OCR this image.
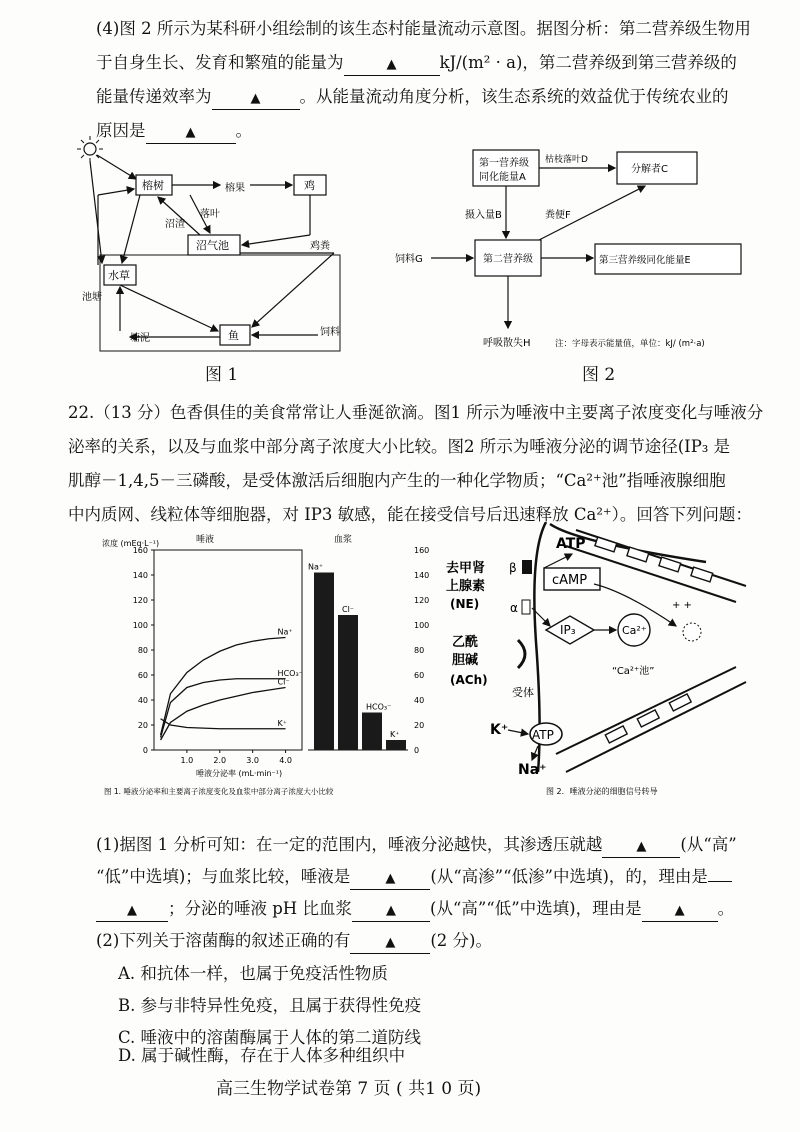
(4)图 2 所示为某科研小组绘制的该生态村能量流动示意图。据图分析：第二营养级生物用
于自身生长、发育和繁殖的能量为	▲	kJ/(m² · a)，第二营养级到第三营养级的
能量传递效率为	▲ 。从能量流动角度分析，该生态系统的效益优于传统农业的
原因是	▲ 。
池塘
榕树	榕果	鸡
落叶
沼渣
沼气池	鸡粪
水草
塘泥	鱼	饲料
图 1
第一营养级
同化能量A
分解者C
枯枝落叶D
摄入量B	粪便F
第二营养级
饲料G	第三营养级同化能量E
呼吸散失H	注：字母表示能量值，单位：kJ/ (m²·a)
图 2
22.（13 分）色香俱佳的美食常常让人垂涎欲滴。图1 所示为唾液中主要离子浓度变化与唾液分
泌率的关系，以及与血浆中部分离子浓度大小比较。图2 所示为唾液分泌的调节途径(IP₃ 是
肌醇－1,4,5－三磷酸，是受体激活后细胞内产生的一种化学物质；“Ca²⁺池”指唾液腺细胞
中内质网、线粒体等细胞器，对 IP3 敏感，能在接受信号后迅速释放 Ca²⁺）。回答下列问题：
浓度 (mEq·L⁻¹)	唾液	血浆
唾液分泌率 (mL·min⁻¹)
0	0
20	20
40	40
60	60
80	80
100	100
120	120
140	140
160	160
1.0	2.0	3.0	4.0
Na⁺
HCO₃⁻
Cl⁻
K⁺
Na⁺
Cl⁻
HCO₃⁻
K⁺
图 1. 唾液分泌率和主要离子浓度变化及血浆中部分离子浓度大小比较
ATP
cAMP
去甲肾
上腺素
(NE)
β
α
乙酰
胆碱
(ACh)
受体
IP₃	Ca²⁺
“Ca²⁺池”
+ +
ATP
K⁺
Na⁺
图 2．唾液分泌的细胞信号转导
(1)据图 1 分析可知：在一定的范围内，唾液分泌越快，其渗透压就越	▲ (从“高”
“低”中选填)；与血浆比较，唾液是	▲ (从“高渗”“低渗”中选填)，的，理由是
▲ ；分泌的唾液 pH 比血浆	▲ (从“高”“低”中选填)，理由是	▲ 。
(2)下列关于溶菌酶的叙述正确的有	▲ (2 分)。
A. 和抗体一样，也属于免疫活性物质
B. 参与非特异性免疫，且属于获得性免疫
C. 唾液中的溶菌酶属于人体的第二道防线
D. 属于碱性酶，存在于人体多种组织中
高三生物学试卷第 7 页 ( 共1 0 页)
